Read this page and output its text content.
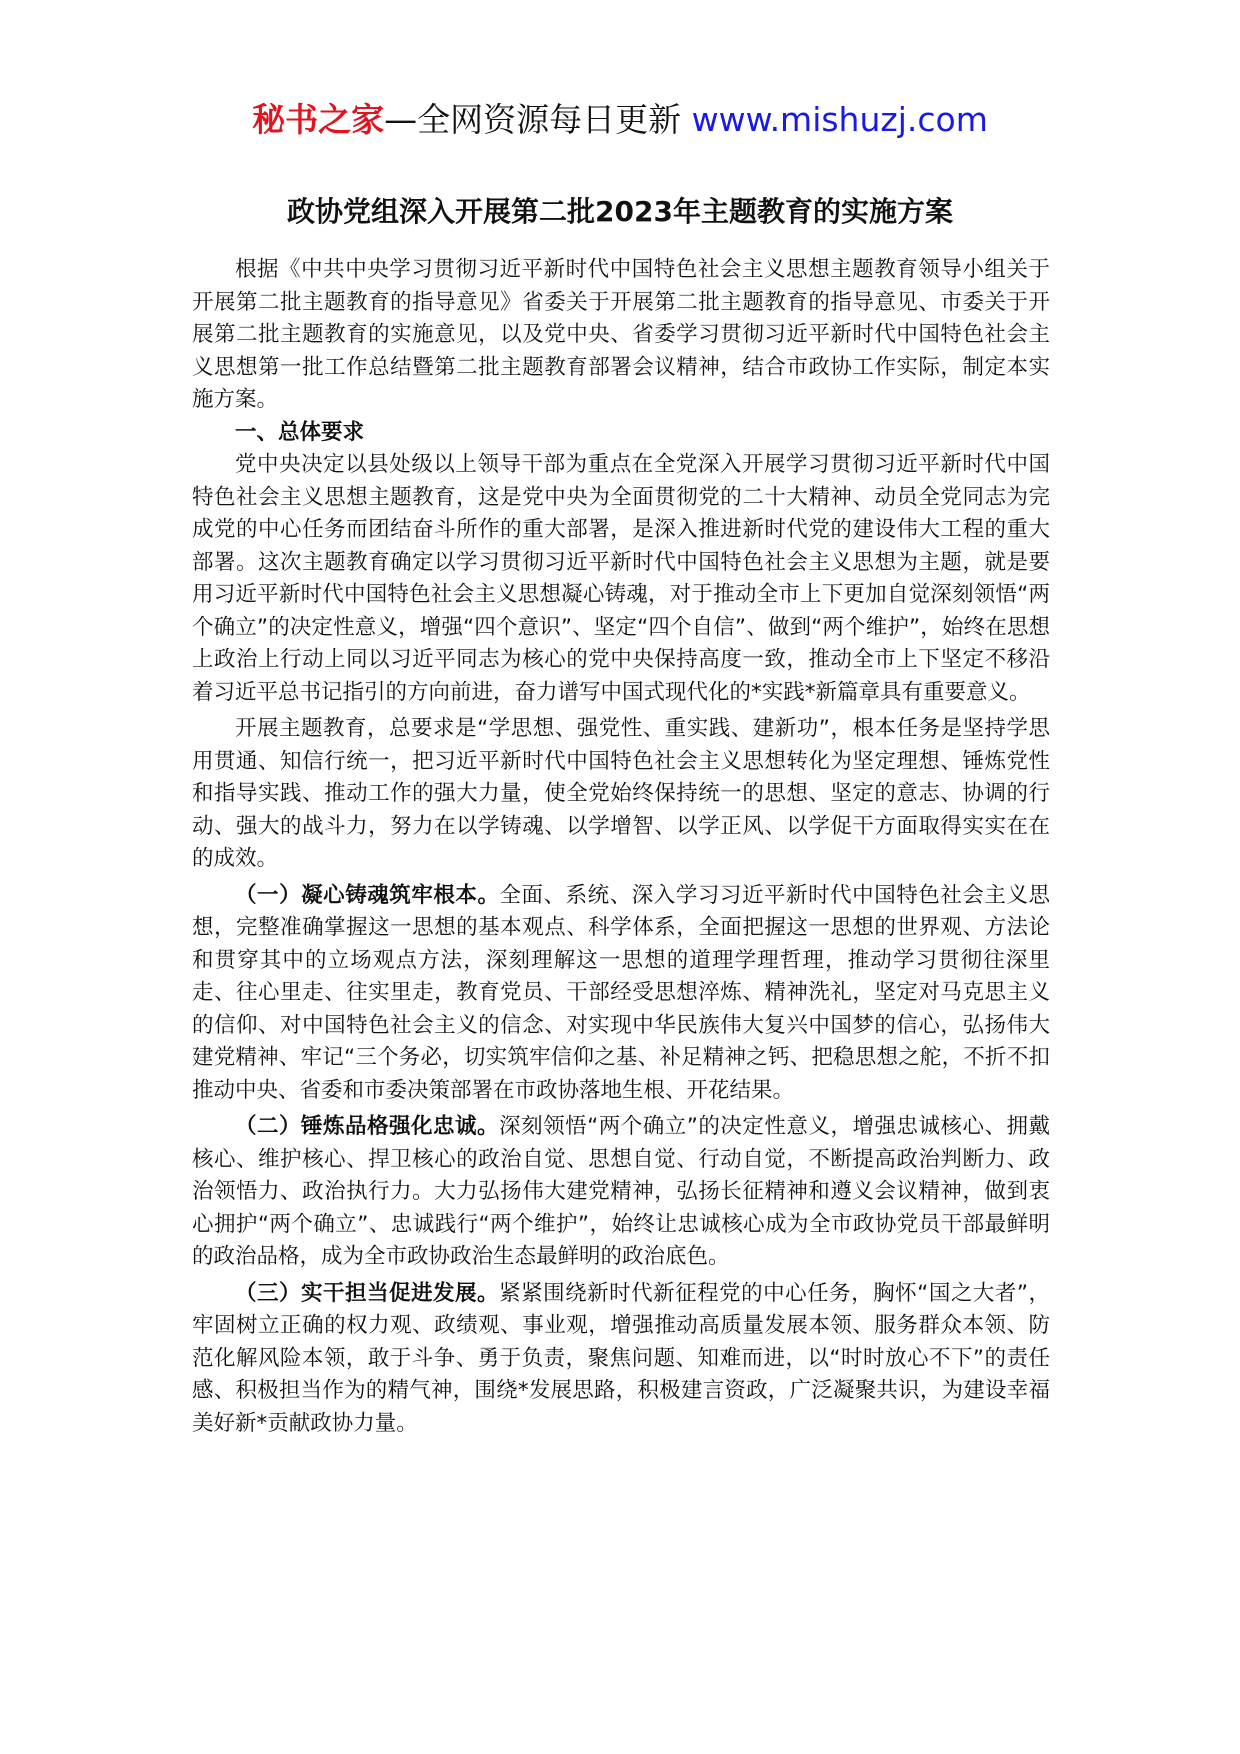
秘书之家—全网资源每日更新 www.mishuzj.com
政协党组深入开展第二批2023年主题教育的实施方案

根据《中共中央学习贯彻习近平新时代中国特色社会主义思想主题教育领导小组关于开展第二批主题教育的指导意见》省委关于开展第二批主题教育的指导意见、市委关于开展第二批主题教育的实施意见，以及党中央、省委学习贯彻习近平新时代中国特色社会主义思想第一批工作总结暨第二批主题教育部署会议精神，结合市政协工作实际，制定本实施方案。

一、总体要求

党中央决定以县处级以上领导干部为重点在全党深入开展学习贯彻习近平新时代中国特色社会主义思想主题教育，这是党中央为全面贯彻党的二十大精神、动员全党同志为完成党的中心任务而团结奋斗所作的重大部署，是深入推进新时代党的建设伟大工程的重大部署。这次主题教育确定以学习贯彻习近平新时代中国特色社会主义思想为主题，就是要用习近平新时代中国特色社会主义思想凝心铸魂，对于推动全市上下更加自觉深刻领悟“两个确立”的决定性意义，增强“四个意识”、坚定“四个自信”、做到“两个维护”，始终在思想上政治上行动上同以习近平同志为核心的党中央保持高度一致，推动全市上下坚定不移沿着习近平总书记指引的方向前进，奋力谱写中国式现代化的*实践*新篇章具有重要意义。

开展主题教育，总要求是“学思想、强党性、重实践、建新功”，根本任务是坚持学思用贯通、知信行统一，把习近平新时代中国特色社会主义思想转化为坚定理想、锤炼党性和指导实践、推动工作的强大力量，使全党始终保持统一的思想、坚定的意志、协调的行动、强大的战斗力，努力在以学铸魂、以学增智、以学正风、以学促干方面取得实实在在的成效。

（一）凝心铸魂筑牢根本。全面、系统、深入学习习近平新时代中国特色社会主义思想，完整准确掌握这一思想的基本观点、科学体系，全面把握这一思想的世界观、方法论和贯穿其中的立场观点方法，深刻理解这一思想的道理学理哲理，推动学习贯彻往深里走、往心里走、往实里走，教育党员、干部经受思想淬炼、精神洗礼，坚定对马克思主义的信仰、对中国特色社会主义的信念、对实现中华民族伟大复兴中国梦的信心，弘扬伟大建党精神、牢记“三个务必，切实筑牢信仰之基、补足精神之钙、把稳思想之舵，不折不扣推动中央、省委和市委决策部署在市政协落地生根、开花结果。

（二）锤炼品格强化忠诚。深刻领悟“两个确立”的决定性意义，增强忠诚核心、拥戴核心、维护核心、捍卫核心的政治自觉、思想自觉、行动自觉，不断提高政治判断力、政治领悟力、政治执行力。大力弘扬伟大建党精神，弘扬长征精神和遵义会议精神，做到衷心拥护“两个确立”、忠诚践行“两个维护”，始终让忠诚核心成为全市政协党员干部最鲜明的政治品格，成为全市政协政治生态最鲜明的政治底色。

（三）实干担当促进发展。紧紧围绕新时代新征程党的中心任务，胸怀“国之大者”，牢固树立正确的权力观、政绩观、事业观，增强推动高质量发展本领、服务群众本领、防范化解风险本领，敢于斗争、勇于负责，聚焦问题、知难而进，以“时时放心不下”的责任感、积极担当作为的精气神，围绕*发展思路，积极建言资政，广泛凝聚共识，为建设幸福美好新*贡献政协力量。
